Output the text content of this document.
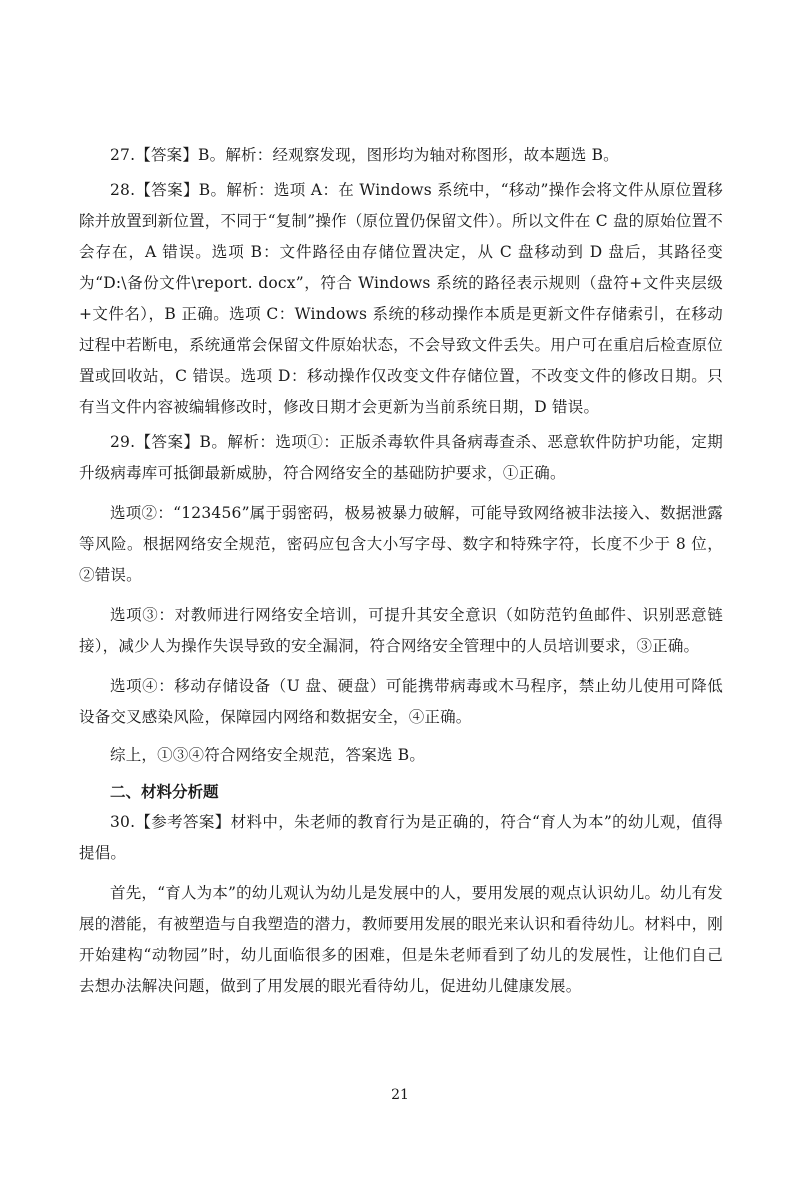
27.【答案】B。解析：经观察发现，图形均为轴对称图形，故本题选 B。

28.【答案】B。解析：选项 A：在 Windows 系统中，“移动”操作会将文件从原位置移除并放置到新位置，不同于“复制”操作（原位置仍保留文件）。所以文件在 C 盘的原始位置不会存在，A 错误。选项 B：文件路径由存储位置决定，从 C 盘移动到 D 盘后，其路径变为“D:\备份文件\report. docx”，符合 Windows 系统的路径表示规则（盘符+文件夹层级+文件名），B 正确。选项 C：Windows 系统的移动操作本质是更新文件存储索引，在移动过程中若断电，系统通常会保留文件原始状态，不会导致文件丢失。用户可在重启后检查原位置或回收站，C 错误。选项 D：移动操作仅改变文件存储位置，不改变文件的修改日期。只有当文件内容被编辑修改时，修改日期才会更新为当前系统日期，D 错误。

29.【答案】B。解析：选项①：正版杀毒软件具备病毒查杀、恶意软件防护功能，定期升级病毒库可抵御最新威胁，符合网络安全的基础防护要求，①正确。

选项②：“123456”属于弱密码，极易被暴力破解，可能导致网络被非法接入、数据泄露等风险。根据网络安全规范，密码应包含大小写字母、数字和特殊字符，长度不少于 8 位，②错误。

选项③：对教师进行网络安全培训，可提升其安全意识（如防范钓鱼邮件、识别恶意链接），减少人为操作失误导致的安全漏洞，符合网络安全管理中的人员培训要求，③正确。

选项④：移动存储设备（U 盘、硬盘）可能携带病毒或木马程序，禁止幼儿使用可降低设备交叉感染风险，保障园内网络和数据安全，④正确。

综上，①③④符合网络安全规范，答案选 B。

二、材料分析题

30.【参考答案】材料中，朱老师的教育行为是正确的，符合“育人为本”的幼儿观，值得提倡。

首先，“育人为本”的幼儿观认为幼儿是发展中的人，要用发展的观点认识幼儿。幼儿有发展的潜能，有被塑造与自我塑造的潜力，教师要用发展的眼光来认识和看待幼儿。材料中，刚开始建构“动物园”时，幼儿面临很多的困难，但是朱老师看到了幼儿的发展性，让他们自己去想办法解决问题，做到了用发展的眼光看待幼儿，促进幼儿健康发展。

21
